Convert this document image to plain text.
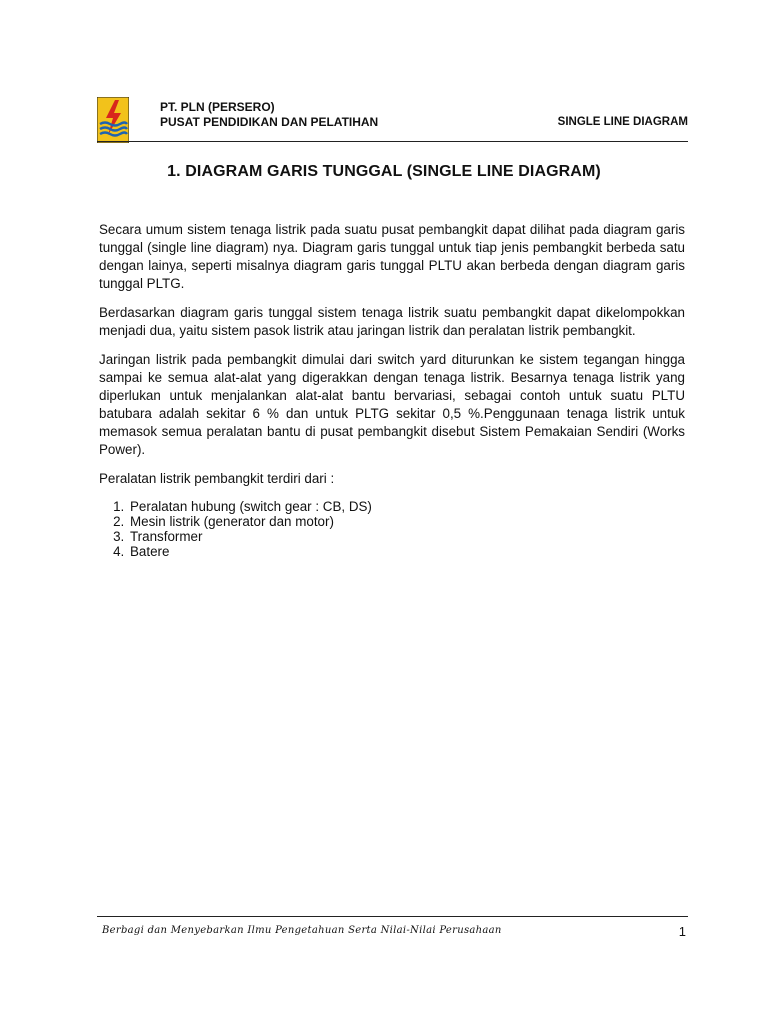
PT. PLN (PERSERO)
PUSAT PENDIDIKAN DAN PELATIHAN	SINGLE LINE DIAGRAM
1. DIAGRAM GARIS TUNGGAL (SINGLE LINE DIAGRAM)

Secara umum sistem tenaga listrik pada suatu pusat pembangkit dapat dilihat pada diagram garis tunggal (single line diagram) nya. Diagram garis tunggal untuk tiap jenis pembangkit berbeda satu dengan lainya, seperti misalnya diagram garis tunggal PLTU akan berbeda dengan diagram garis tunggal PLTG.

Berdasarkan diagram garis tunggal sistem tenaga listrik suatu pembangkit dapat dikelompokkan menjadi dua, yaitu sistem pasok listrik atau jaringan listrik dan peralatan listrik pembangkit.

Jaringan listrik pada pembangkit dimulai dari switch yard diturunkan ke sistem tegangan hingga sampai ke semua alat-alat yang digerakkan dengan tenaga listrik. Besarnya tenaga listrik yang diperlukan untuk menjalankan alat-alat bantu bervariasi, sebagai contoh untuk suatu PLTU batubara adalah sekitar 6 % dan untuk PLTG sekitar 0,5 %.Penggunaan tenaga listrik untuk memasok semua peralatan bantu di pusat pembangkit disebut Sistem Pemakaian Sendiri (Works Power).

Peralatan listrik pembangkit terdiri dari :

1. Peralatan hubung (switch gear : CB, DS)
2. Mesin listrik (generator dan motor)
3. Transformer
4. Batere
Berbagi dan Menyebarkan Ilmu Pengetahuan Serta Nilai-Nilai Perusahaan	1
